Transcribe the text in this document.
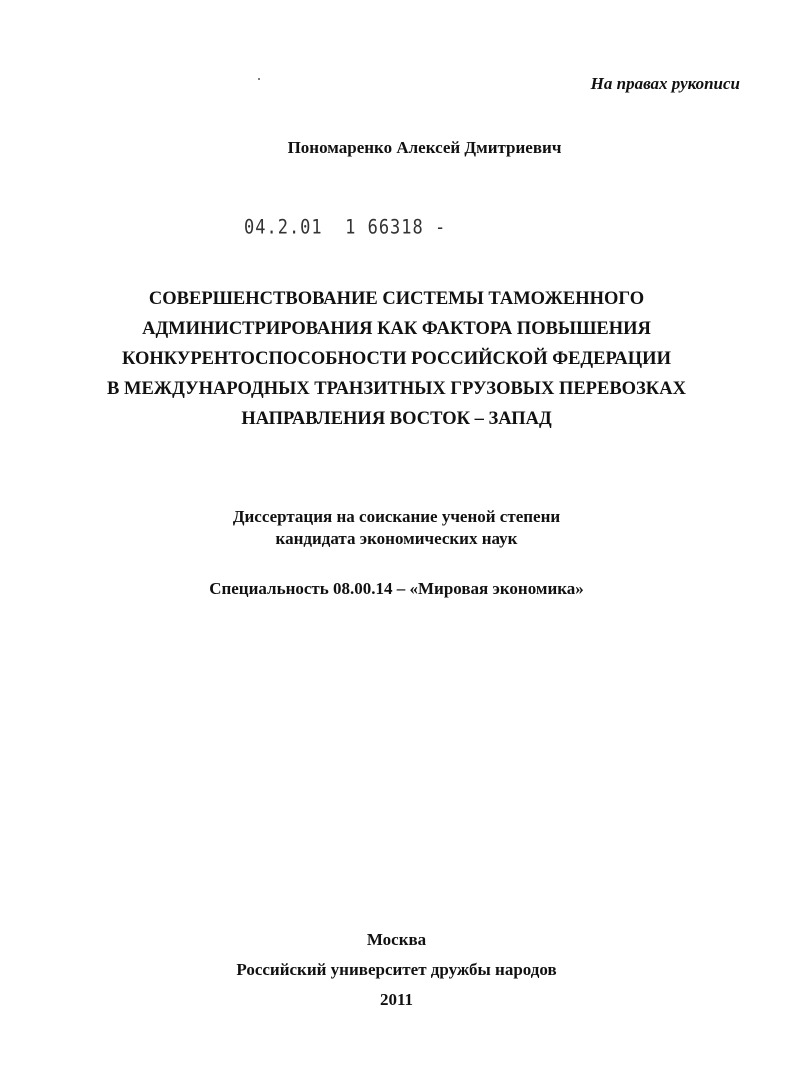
На правах рукописи
Пономаренко Алексей Дмитриевич
04.2.01  1 66318 -
СОВЕРШЕНСТВОВАНИЕ СИСТЕМЫ ТАМОЖЕННОГО
АДМИНИСТРИРОВАНИЯ КАК ФАКТОРА ПОВЫШЕНИЯ
КОНКУРЕНТОСПОСОБНОСТИ РОССИЙСКОЙ ФЕДЕРАЦИИ
В МЕЖДУНАРОДНЫХ ТРАНЗИТНЫХ ГРУЗОВЫХ ПЕРЕВОЗКАХ
НАПРАВЛЕНИЯ ВОСТОК – ЗАПАД
Диссертация на соискание ученой степени
кандидата экономических наук
Специальность 08.00.14 – «Мировая экономика»
Москва
Российский университет дружбы народов
2011
